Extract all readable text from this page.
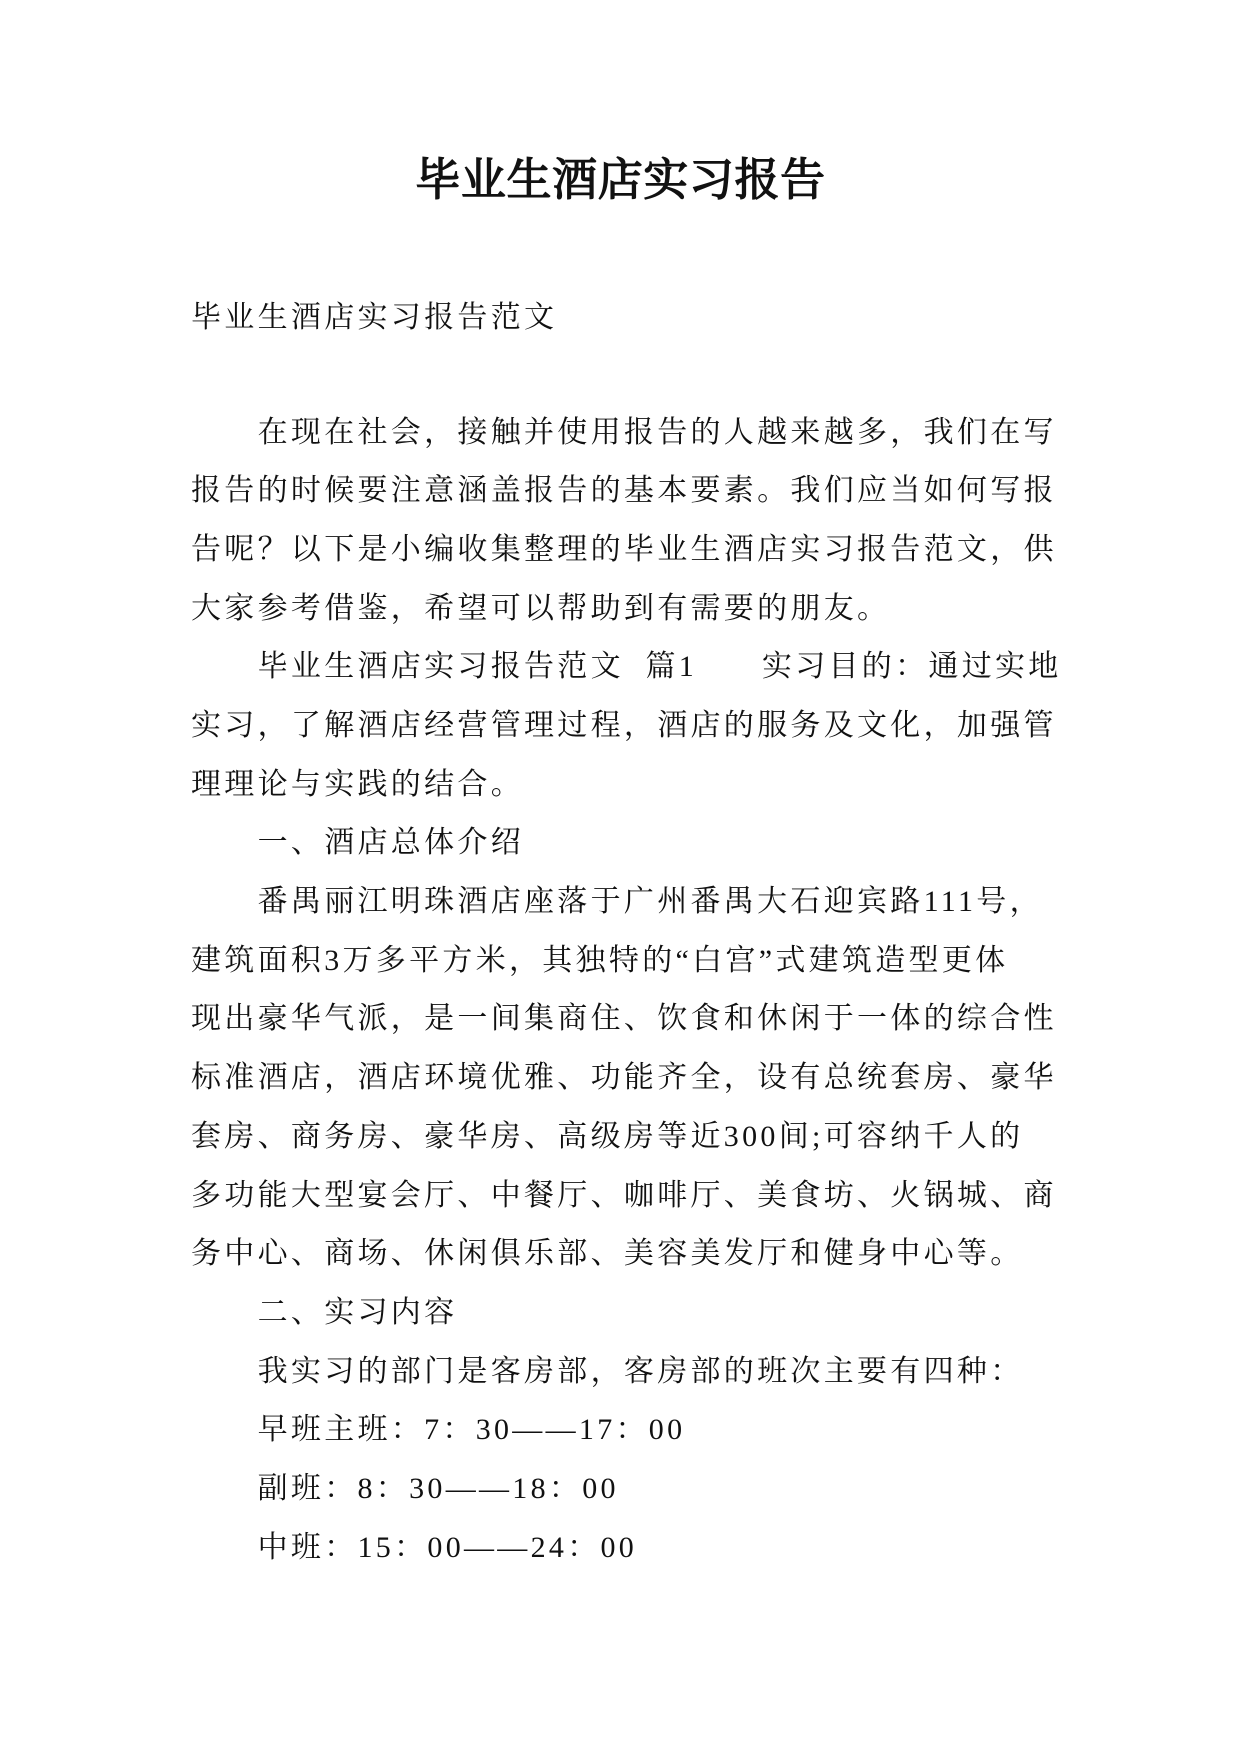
毕业生酒店实习报告
毕业生酒店实习报告范文
在现在社会，接触并使用报告的人越来越多，我们在写
报告的时候要注意涵盖报告的基本要素。我们应当如何写报
告呢？以下是小编收集整理的毕业生酒店实习报告范文，供
大家参考借鉴，希望可以帮助到有需要的朋友。
毕业生酒店实习报告范文  篇1      实习目的：通过实地
实习，了解酒店经营管理过程，酒店的服务及文化，加强管
理理论与实践的结合。
一、酒店总体介绍
番禺丽江明珠酒店座落于广州番禺大石迎宾路111号，
建筑面积3万多平方米，其独特的“白宫”式建筑造型更体
现出豪华气派，是一间集商住、饮食和休闲于一体的综合性
标准酒店，酒店环境优雅、功能齐全，设有总统套房、豪华
套房、商务房、豪华房、高级房等近300间;可容纳千人的
多功能大型宴会厅、中餐厅、咖啡厅、美食坊、火锅城、商
务中心、商场、休闲俱乐部、美容美发厅和健身中心等。
二、实习内容
我实习的部门是客房部，客房部的班次主要有四种：
早班主班：7：30——17：00
副班：8：30——18：00
中班：15：00——24：00
